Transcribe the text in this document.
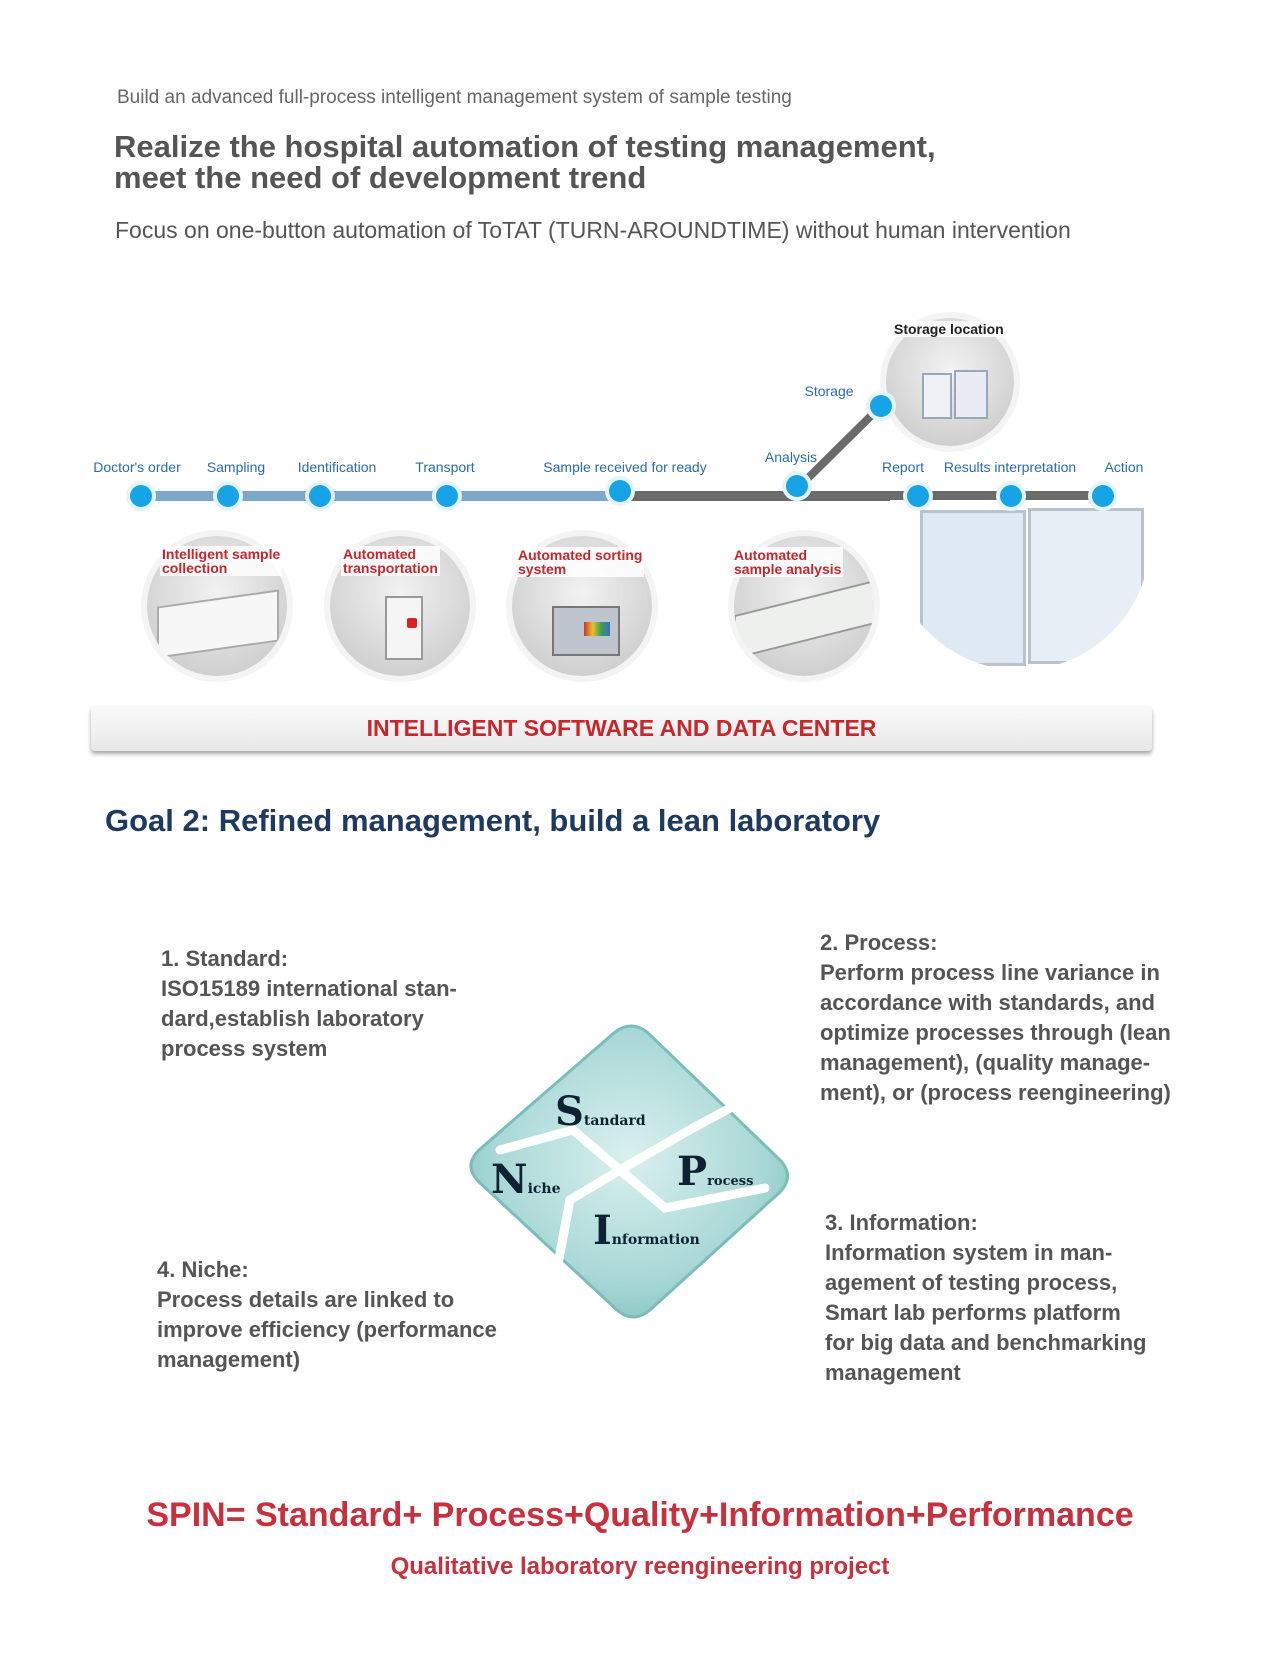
Build an advanced full-process intelligent management system of sample testing
Realize the hospital automation of testing management,
meet the need of development trend
Focus on one-button automation of ToTAT (TURN-AROUNDTIME) without human intervention
Storage location
Doctor's order Sampling Identification	Transport	Sample received for ready
Analysis
Storage
Report Results interpretation Action
Intelligent sample
collection
Automated
transportation
Automated sorting
system
Automated
sample analysis
INTELLIGENT SOFTWARE AND DATA CENTER
Goal 2: Refined management, build a lean laboratory
1. Standard:
ISO15189 international stan-
dard,establish laboratory
process system
2. Process:
Perform process line variance in
accordance with standards, and
optimize processes through (lean
management), (quality manage-
ment), or (process reengineering)
3. Information:
Information system in man-
agement of testing process,
Smart lab performs platform
for big data and benchmarking
management
4. Niche:
Process details are linked to
improve efficiency (performance
management)
Standard
Process
Information
Niche
SPIN= Standard+ Process+Quality+Information+Performance
Qualitative laboratory reengineering project
